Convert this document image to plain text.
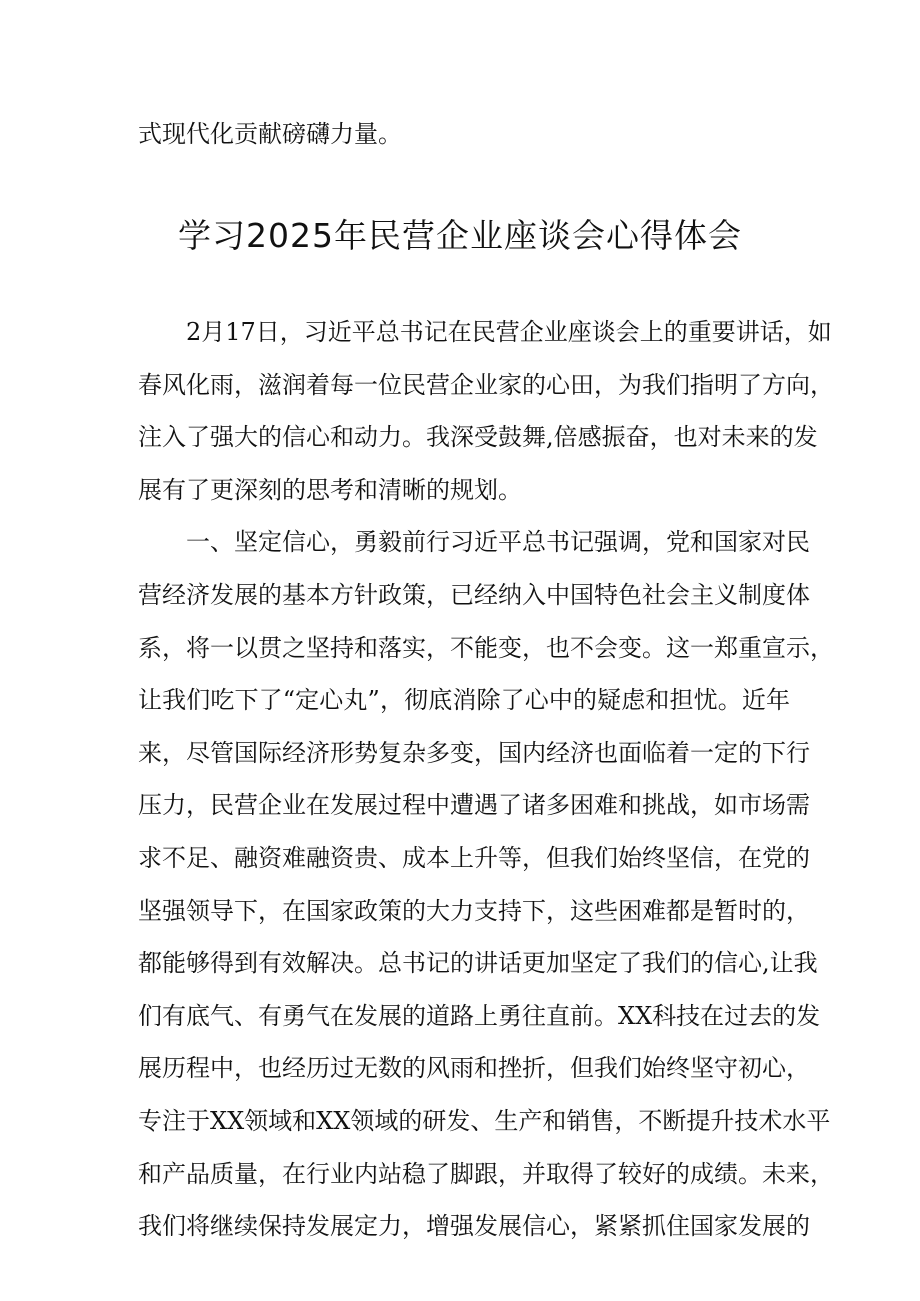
式现代化贡献磅礴力量。
学习2025年民营企业座谈会心得体会
2月17日，习近平总书记在民营企业座谈会上的重要讲话，如
春风化雨，滋润着每一位民营企业家的心田，为我们指明了方向，
注入了强大的信心和动力。我深受鼓舞,倍感振奋，也对未来的发
展有了更深刻的思考和清晰的规划。
一、坚定信心，勇毅前行习近平总书记强调，党和国家对民
营经济发展的基本方针政策，已经纳入中国特色社会主义制度体
系，将一以贯之坚持和落实，不能变，也不会变。这一郑重宣示，
让我们吃下了“定心丸”，彻底消除了心中的疑虑和担忧。近年
来，尽管国际经济形势复杂多变，国内经济也面临着一定的下行
压力，民营企业在发展过程中遭遇了诸多困难和挑战，如市场需
求不足、融资难融资贵、成本上升等，但我们始终坚信，在党的
坚强领导下，在国家政策的大力支持下，这些困难都是暂时的，
都能够得到有效解决。总书记的讲话更加坚定了我们的信心,让我
们有底气、有勇气在发展的道路上勇往直前。XX科技在过去的发
展历程中，也经历过无数的风雨和挫折，但我们始终坚守初心，
专注于XX领域和XX领域的研发、生产和销售，不断提升技术水平
和产品质量，在行业内站稳了脚跟，并取得了较好的成绩。未来，
我们将继续保持发展定力，增强发展信心，紧紧抓住国家发展的
